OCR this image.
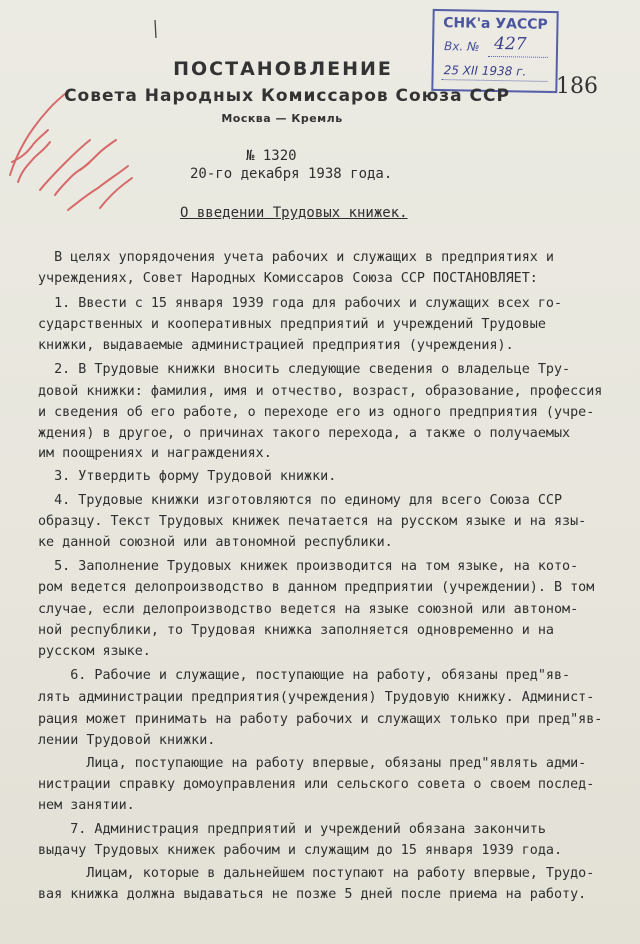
СНК'а УАССР
Вх. № 427
25 XII 1938 г.
186
ПОСТАНОВЛЕНИЕ
Совета Народных Комиссаров Союза ССР
Москва — Кремль
№ 1320
20-го декабря 1938 года.
О введении Трудовых книжек.
В целях упорядочения учета рабочих и служащих в предприятиях и
учреждениях, Совет Народных Комиссаров Союза ССР ПОСТАНОВЛЯЕТ:
1. Ввести с 15 января 1939 года для рабочих и служащих всех го-
сударственных и кооперативных предприятий и учреждений Трудовые
книжки, выдаваемые администрацией предприятия (учреждения).
2. В Трудовые книжки вносить следующие сведения о владельце Тру-
довой книжки: фамилия, имя и отчество, возраст, образование, профессия
и сведения об его работе, о переходе его из одного предприятия (учре-
ждения) в другое, о причинах такого перехода, а также о получаемых
им поощрениях и награждениях.
3. Утвердить форму Трудовой книжки.
4. Трудовые книжки изготовляются по единому для всего Союза ССР
образцу. Текст Трудовых книжек печатается на русском языке и на язы-
ке данной союзной или автономной республики.
5. Заполнение Трудовых книжек производится на том языке, на кото-
ром ведется делопроизводство в данном предприятии (учреждении). В том
случае, если делопроизводство ведется на языке союзной или автоном-
ной республики, то Трудовая книжка заполняется одновременно и на
русском языке.
6. Рабочие и служащие, поступающие на работу, обязаны пред"яв-
лять администрации предприятия(учреждения) Трудовую книжку. Админист-
рация может принимать на работу рабочих и служащих только при пред"яв-
лении Трудовой книжки.
Лица, поступающие на работу впервые, обязаны пред"являть адми-
нистрации справку домоуправления или сельского совета о своем послед-
нем занятии.
7. Администрация предприятий и учреждений обязана закончить
выдачу Трудовых книжек рабочим и служащим до 15 января 1939 года.
Лицам, которые в дальнейшем поступают на работу впервые, Трудо-
вая книжка должна выдаваться не позже 5 дней после приема на работу.
